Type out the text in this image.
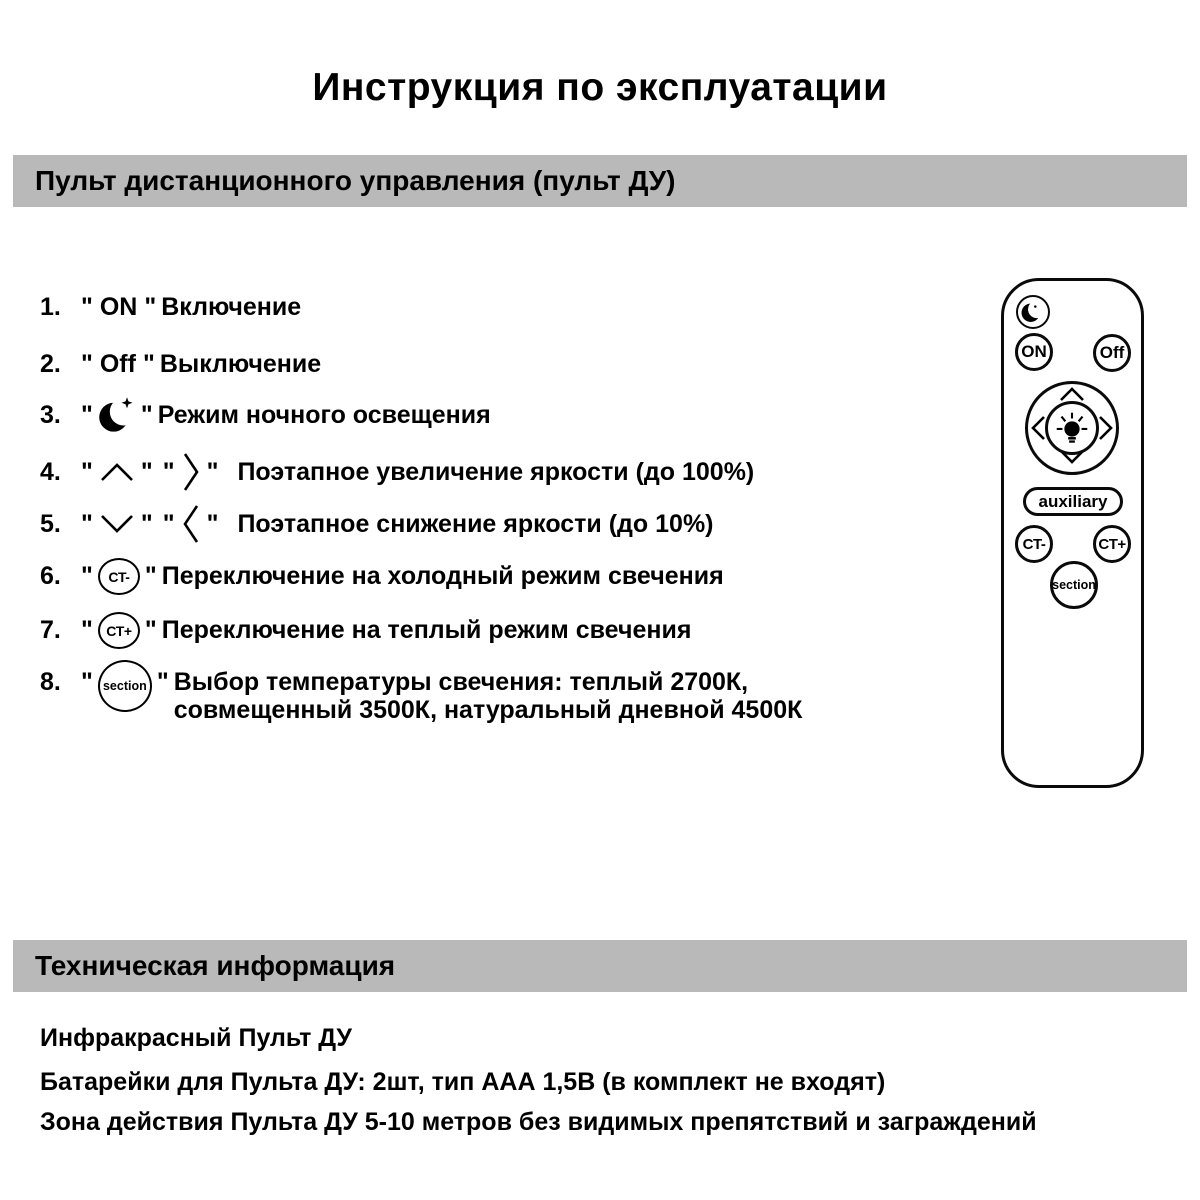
Инструкция по эксплуатации
Пульт дистанционного управления (пульт ДУ)
1. " ON " Включение
2. " Off " Выключение
3. " " Режим ночного освещения
4. " " " " Поэтапное увеличение яркости (до 100%)
5. " " " " Поэтапное снижение яркости (до 10%)
6. "	CT- " Переключение на холодный режим свечения
7. " CT+ " Переключение на теплый режим свечения
8. " section " Выбор температуры свечения: теплый 2700К,
совмещенный 3500К, натуральный дневной 4500К
ON	Off
auxiliary
CT-	CT+
section
Техническая информация
Инфракрасный Пульт ДУ
Батарейки для Пульта ДУ: 2шт, тип ААА 1,5В (в комплект не входят)
Зона действия Пульта ДУ 5-10 метров без видимых препятствий и заграждений
